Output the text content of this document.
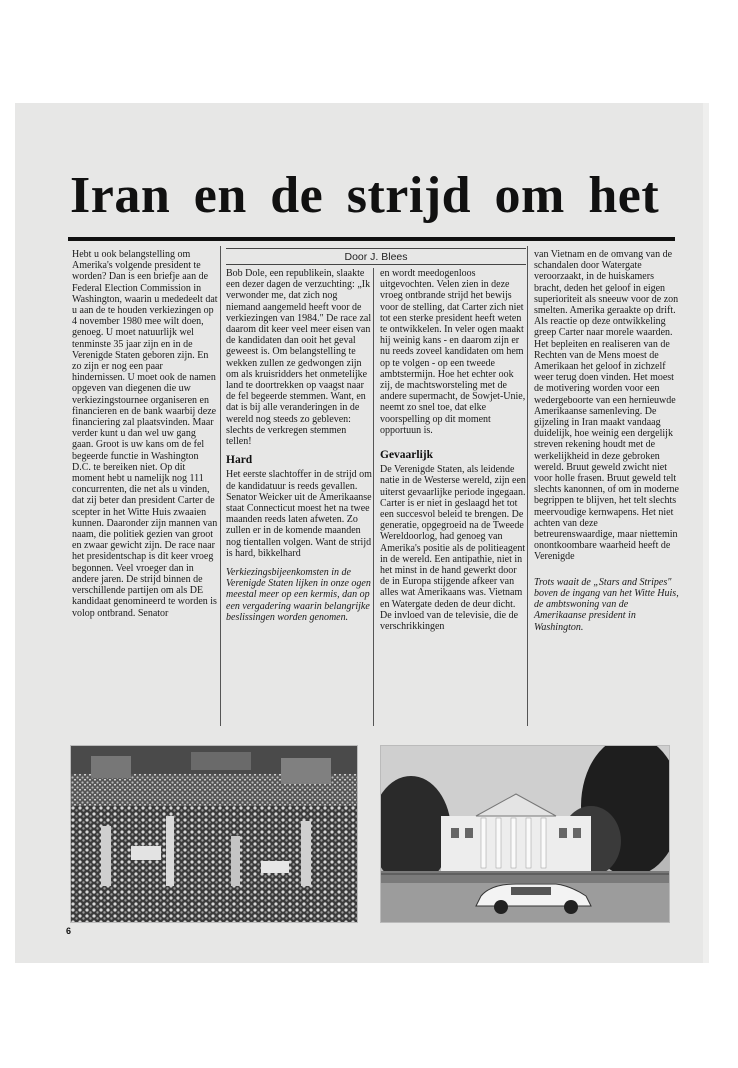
Iran en de strijd om het

Hebt u ook belangstelling om Amerika's volgende president te worden? Dan is een briefje aan de Federal Election Commission in Washington, waarin u mededeelt dat u aan de te houden verkiezingen op 4 november 1980 mee wilt doen, genoeg. U moet natuurlijk wel tenminste 35 jaar zijn en in de Verenigde Staten geboren zijn. En zo zijn er nog een paar hindernissen. U moet ook de namen opgeven van diegenen die uw verkiezingstournee organiseren en financieren en de bank waarbij deze financiering zal plaatsvinden. Maar verder kunt u dan wel uw gang gaan. Groot is uw kans om de fel begeerde functie in Washington D.C. te bereiken niet. Op dit moment hebt u namelijk nog 111 concurrenten, die net als u vinden, dat zij beter dan president Carter de scepter in het Witte Huis zwaaien kunnen. Daaronder zijn mannen van naam, die politiek gezien van groot en zwaar gewicht zijn. De race naar het presidentschap is dit keer vroeg begonnen. Veel vroeger dan in andere jaren. De strijd binnen de verschillende partijen om als DE kandidaat genomineerd te worden is volop ontbrand. Senator

Door J. Blees

Bob Dole, een republikein, slaakte een dezer dagen de verzuchting: „Ik verwonder me, dat zich nog niemand aangemeld heeft voor de verkiezingen van 1984." De race zal daarom dit keer veel meer eisen van de kandidaten dan ooit het geval geweest is. Om belangstelling te wekken zullen ze gedwongen zijn om als kruisridders het onmetelijke land te doortrekken op vaagst naar de fel begeerde stemmen. Want, en dat is bij alle veranderingen in de wereld nog steeds zo gebleven: slechts de verkregen stemmen tellen!

Hard

Het eerste slachtoffer in de strijd om de kandidatuur is reeds gevallen. Senator Weicker uit de Amerikaanse staat Connecticut moest het na twee maanden reeds laten afweten. Zo zullen er in de komende maanden nog tientallen volgen. Want de strijd is hard, bikkelhard

Verkiezingsbijeenkomsten in de Verenigde Staten lijken in onze ogen meestal meer op een kermis, dan op een vergadering waarin belangrijke beslissingen worden genomen.

en wordt meedogenloos uitgevochten. Velen zien in deze vroeg ontbrande strijd het bewijs voor de stelling, dat Carter zich niet tot een sterke president heeft weten te ontwikkelen. In veler ogen maakt hij weinig kans - en daarom zijn er nu reeds zoveel kandidaten om hem op te volgen - op een tweede ambtstermijn. Hoe het echter ook zij, de machtsworsteling met de andere supermacht, de Sowjet-Unie, neemt zo snel toe, dat elke voorspelling op dit moment opportuun is.

Gevaarlijk

De Verenigde Staten, als leidende natie in de Westerse wereld, zijn een uiterst gevaarlijke periode ingegaan. Carter is er niet in geslaagd het tot een succesvol beleid te brengen. De generatie, opgegroeid na de Tweede Wereldoorlog, had genoeg van Amerika's positie als de politieagent in de wereld. Een antipathie, niet in het minst in de hand gewerkt door de in Europa stijgende afkeer van alles wat Amerikaans was. Vietnam en Watergate deden de deur dicht. De invloed van de televisie, die de verschrikkingen

van Vietnam en de omvang van de schandalen door Watergate veroorzaakt, in de huiskamers bracht, deden het geloof in eigen superioriteit als sneeuw voor de zon smelten. Amerika geraakte op drift. Als reactie op deze ontwikkeling greep Carter naar morele waarden. Het bepleiten en realiseren van de Rechten van de Mens moest de Amerikaan het geloof in zichzelf weer terug doen vinden. Het moest de motivering worden voor een wedergeboorte van een hernieuwde Amerikaanse samenleving. De gijzeling in Iran maakt vandaag duidelijk, hoe weinig een dergelijk streven rekening houdt met de werkelijkheid in deze gebroken wereld. Bruut geweld zwicht niet voor holle frasen. Bruut geweld telt slechts kanonnen, of om in moderne begrippen te blijven, het telt slechts meervoudige kernwapens. Het niet achten van deze betreurenswaardige, maar niettemin onontkoombare waarheid heeft de Verenigde

Trots waait de „Stars and Stripes" boven de ingang van het Witte Huis, de ambtswoning van de Amerikaanse president in Washington.

6
